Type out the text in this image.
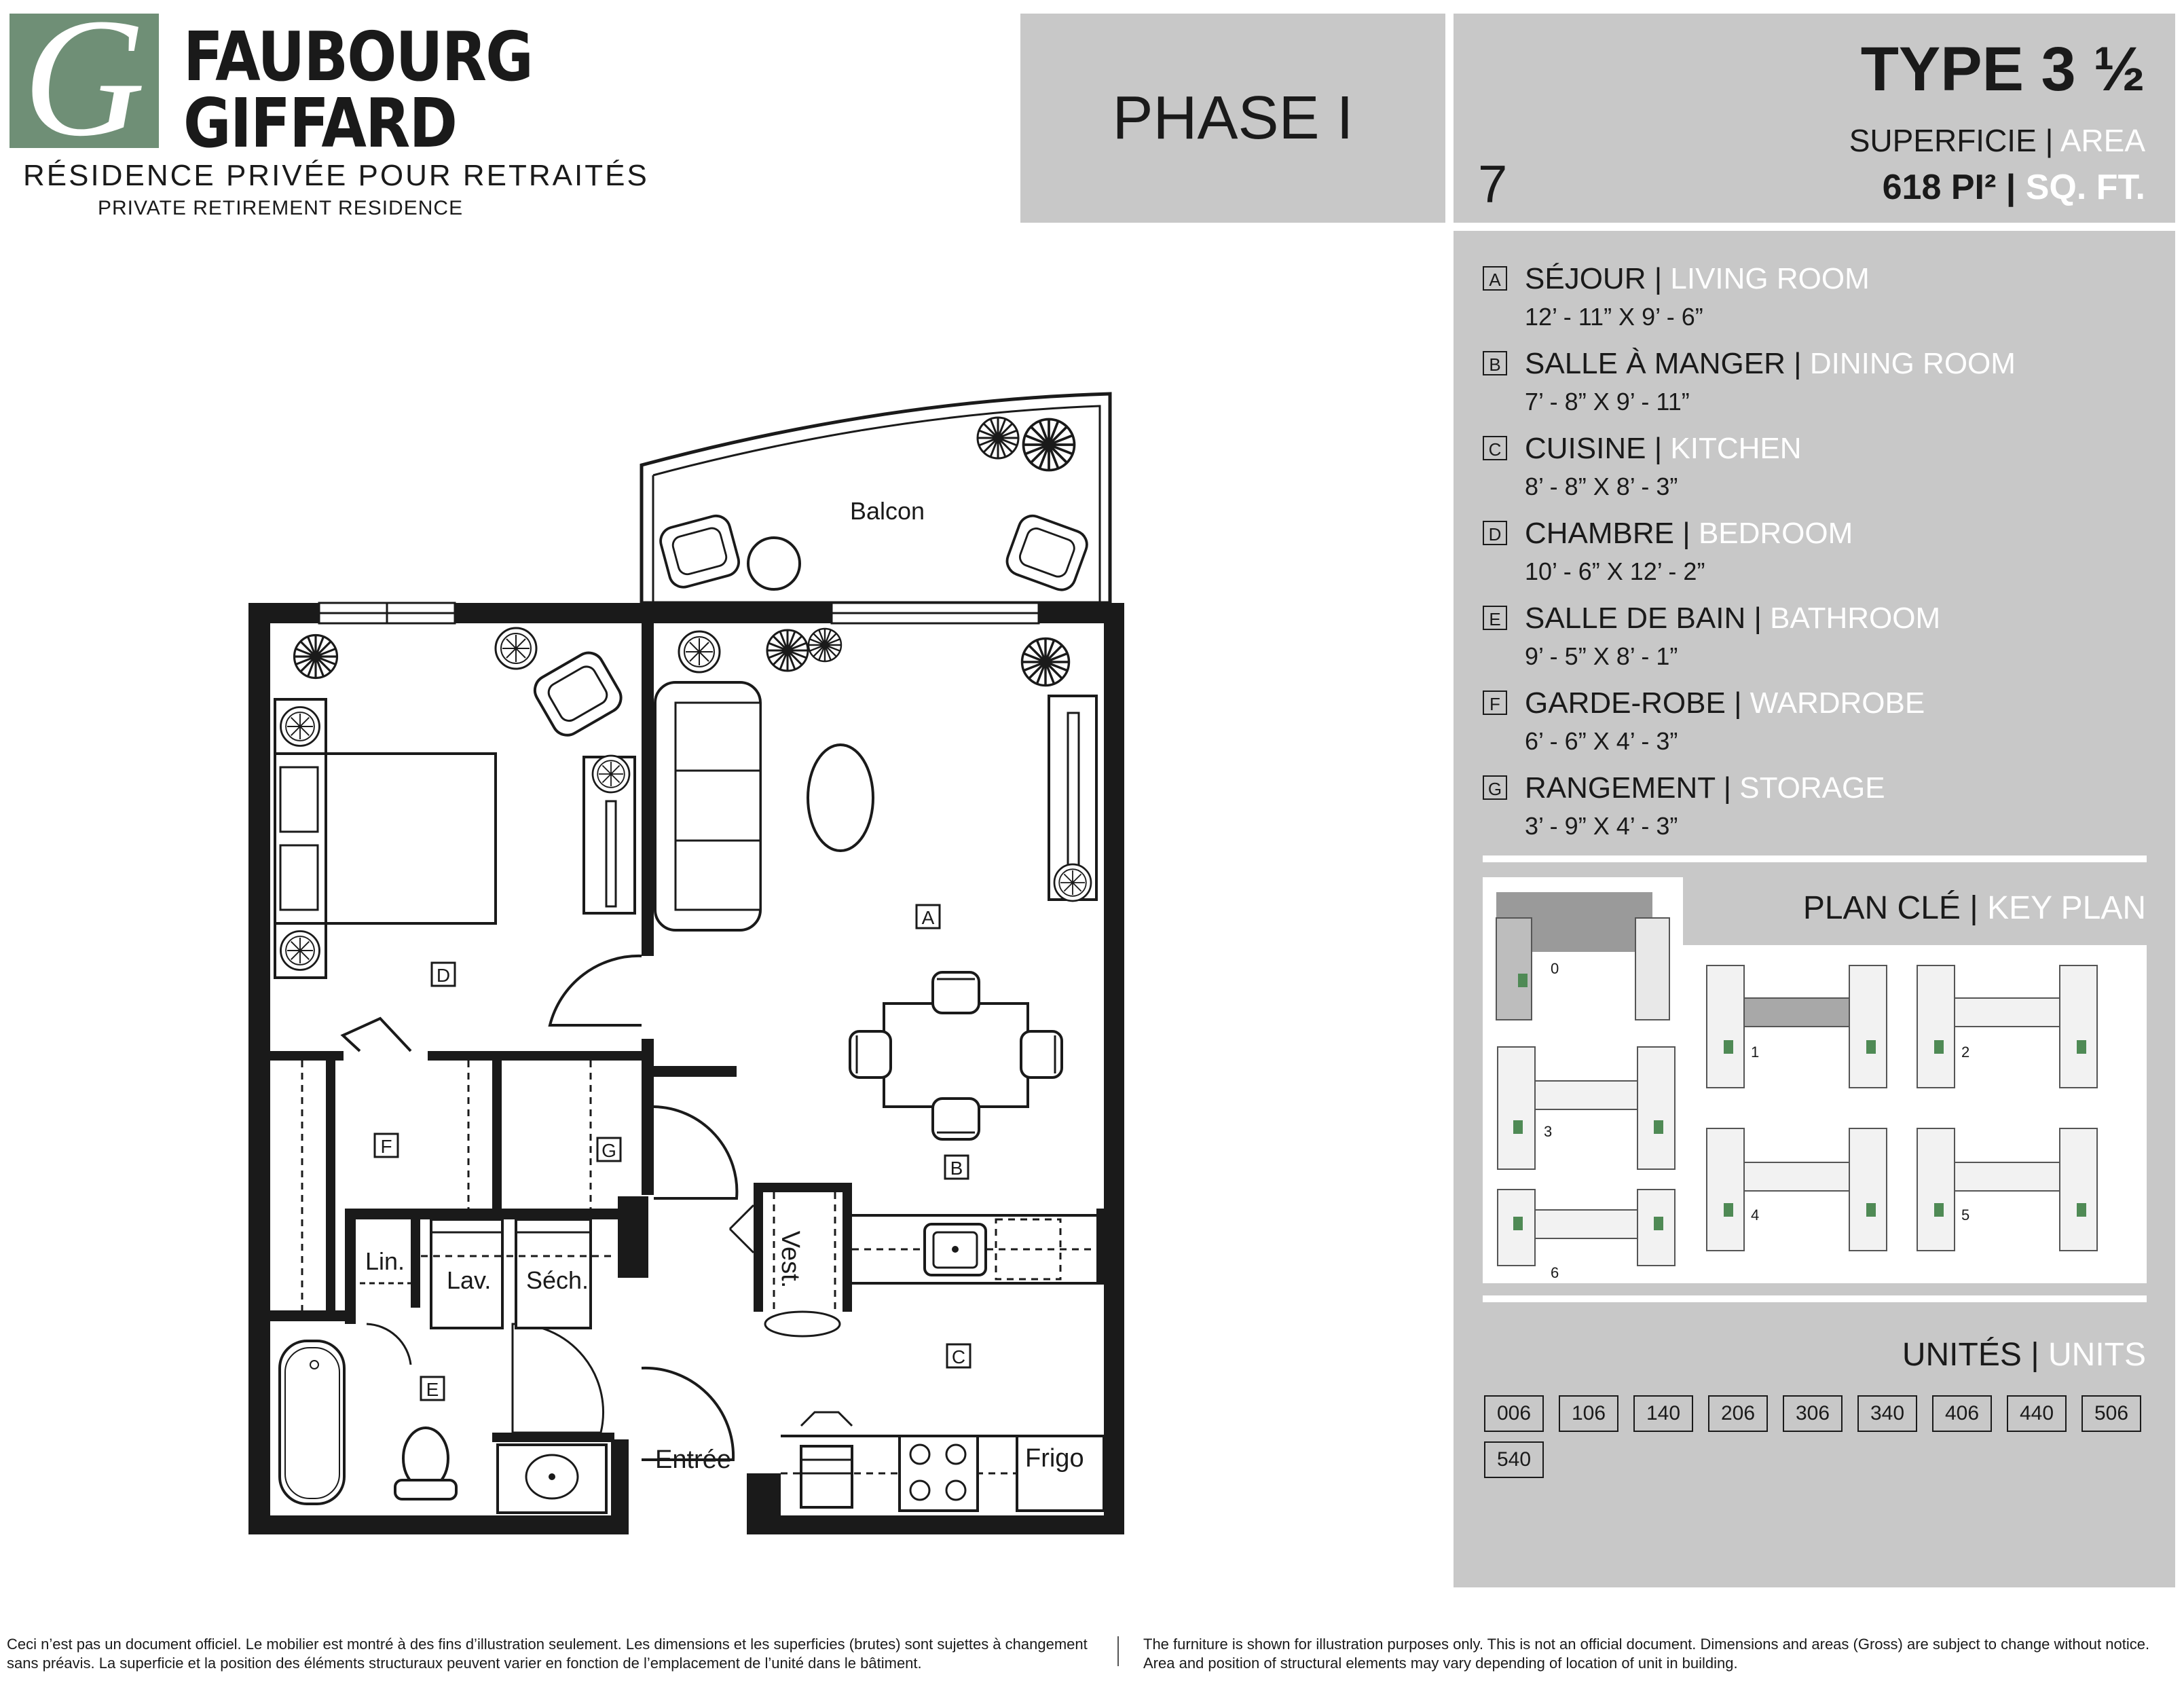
G FAUBOURG
GIFFARD
RÉSIDENCE PRIVÉE POUR RETRAITÉS
PRIVATE RETIREMENT RESIDENCE
PHASE I
TYPE 3 ½
7
SUPERFICIE | AREA
618 PI² | SQ. FT.
A SÉJOUR | LIVING ROOM
12’ - 11” X 9’ - 6”
B SALLE À MANGER | DINING ROOM
7’ - 8” X 9’ - 11”
C CUISINE | KITCHEN
8’ - 8” X 8’ - 3”
D CHAMBRE | BEDROOM
10’ - 6” X 12’ - 2”
E SALLE DE BAIN | BATHROOM
9’ - 5” X 8’ - 1”
F GARDE-ROBE | WARDROBE
6’ - 6” X 4’ - 3”
G RANGEMENT | STORAGE
3’ - 9” X 4’ - 3”
0
1	2
3
4	5
6
PLAN CLÉ | KEY PLAN
UNITÉS | UNITS
006	106	140	206	306	340	406	440	506
540
Vest.
Lav. Séch.
Lin.
Frigo
Balcon
Entrée
A
B
C
D
E
F	G
Ceci n’est pas un document officiel. Le mobilier est montré à des fins d’illustration seulement. Les dimensions et les superficies (brutes) sont sujettes à changement sans préavis. La superficie et la position des éléments structuraux peuvent varier en fonction de l’emplacement de l’unité dans le bâtiment.
The furniture is shown for illustration purposes only. This is not an official document. Dimensions and areas (Gross) are subject to change without notice. Area and position of structural elements may vary depending of location of unit in building.
